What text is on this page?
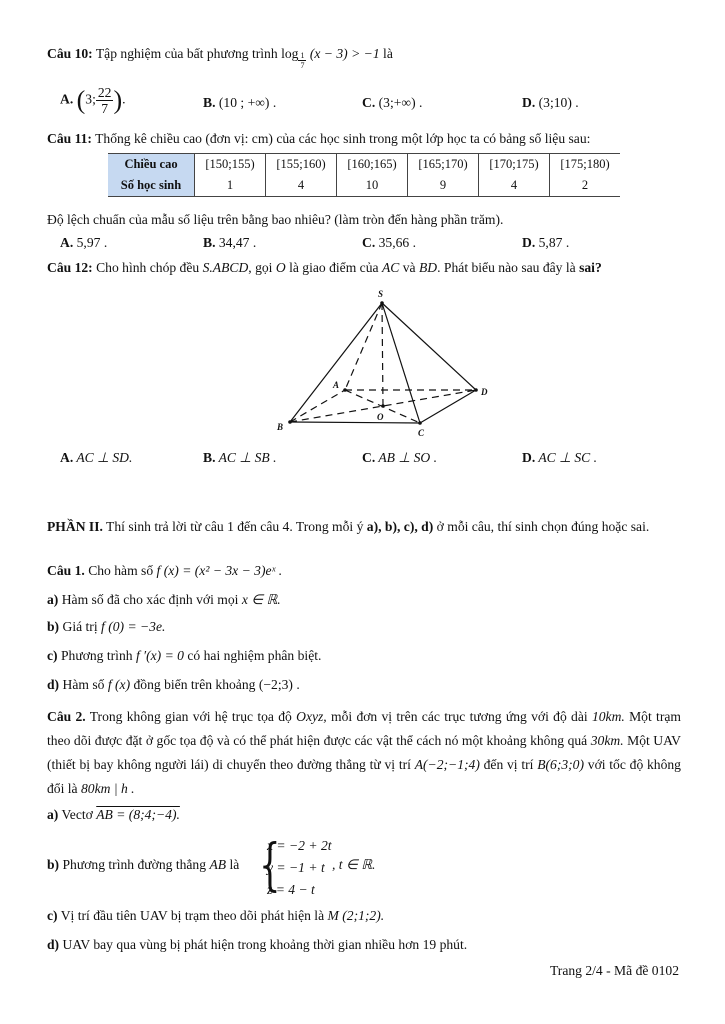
Câu 10: Tập nghiệm của bất phương trình $\log \frac{1}{7} (x - 3) > -1$ là
A. (3; $\frac{22}{7}$ ).	B. (10 ; +∞) .	C. (3;+∞) .	D. (3;10) .
Câu 11: Thống kê chiều cao (đơn vị: cm) của các học sinh trong một lớp học ta có bảng số liệu sau:
Chiều cao	[150;155)	[155;160)	[160;165)	[165;170)	[170;175)	[175;180)
Số học sinh	1	4	10	9	4	2
Độ lệch chuẩn của mẫu số liệu trên bằng bao nhiêu? (làm tròn đến hàng phần trăm).
A. 5,97 .	B. 34,47 .	C. 35,66 .	D. 5,87 .
Câu 12: Cho hình chóp đều S.ABCD, gọi O là giao điểm của AC và BD. Phát biểu nào sau đây là sai?
S
A
B
C
D
O
A. AC ⊥ SD.	B. AC ⊥ SB .	C. AB ⊥ SO .	D. AC ⊥ SC .
PHẦN II. Thí sinh trả lời từ câu 1 đến câu 4. Trong mỗi ý a), b), c), d) ở mỗi câu, thí sinh chọn đúng hoặc sai.
Câu 1. Cho hàm số f (x) = (x² − 3x − 3)eˣ .
a) Hàm số đã cho xác định với mọi x ∈ ℝ.
b) Giá trị f (0) = −3e.
c) Phương trình f ′(x) = 0 có hai nghiệm phân biệt.
d) Hàm số f (x) đồng biến trên khoảng (−2;3) .
Câu 2. Trong không gian với hệ trục tọa độ Oxyz, mỗi đơn vị trên các trục tương ứng với độ dài 10km. Một trạm theo dõi được đặt ở gốc tọa độ và có thể phát hiện được các vật thể cách nó một khoảng không quá 30km. Một UAV (thiết bị bay không người lái) di chuyển theo đường thẳng từ vị trí A(−2;−1;4) đến vị trí B(6;3;0) với tốc độ không đổi là 80km | h .
a) Vectơ AB = (8;4;−4).
b) Phương trình đường thẳng AB là {
x = −2 + 2t
y = −1 + t
z = 4 − t
, t ∈ ℝ.
c) Vị trí đầu tiên UAV bị trạm theo dõi phát hiện là M (2;1;2).
d) UAV bay qua vùng bị phát hiện trong khoảng thời gian nhiều hơn 19 phút.
Trang 2/4 - Mã đề 0102
